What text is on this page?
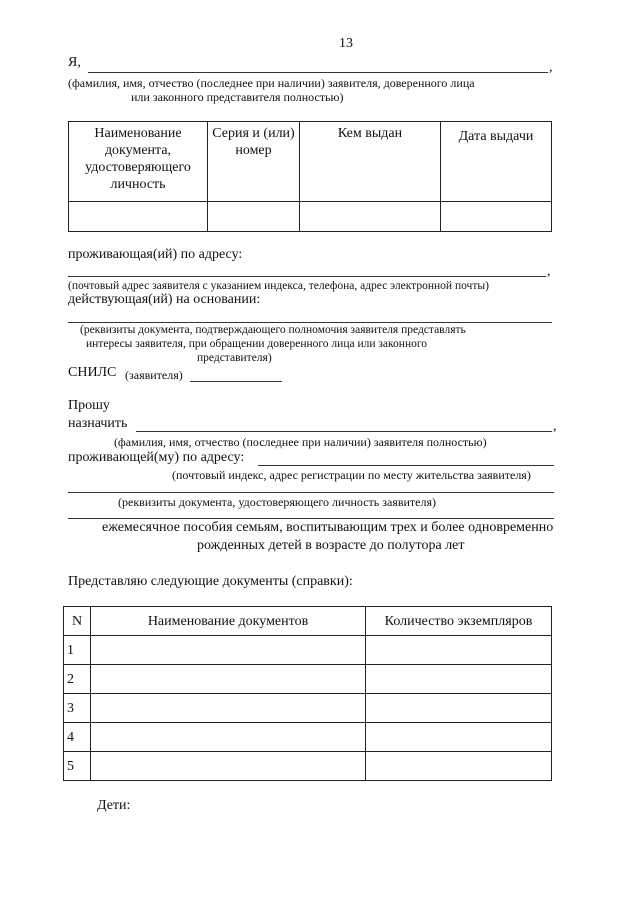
13
Я,	,
(фамилия, имя, отчество (последнее при наличии) заявителя, доверенного лица
или законного представителя полностью)
Наименование документа, удостоверяющего личность	Серия и (или) номер	Кем выдан	Дата выдачи

проживающая(ий) по адресу:
,
(почтовый адрес заявителя с указанием индекса, телефона, адрес электронной почты)
действующая(ий) на основании:
(реквизиты документа, подтверждающего полномочия заявителя представлять
интересы заявителя, при обращении доверенного лица или законного
представителя)
СНИЛС (заявителя)
Прошу
назначить	,
(фамилия, имя, отчество (последнее при наличии) заявителя полностью)
проживающей(му) по адресу:
(почтовый индекс, адрес регистрации по месту жительства заявителя)
(реквизиты документа, удостоверяющего личность заявителя)
ежемесячное пособия семьям, воспитывающим трех и более одновременно
рожденных детей в возрасте до полутора лет
Представляю следующие документы (справки):
N	Наименование документов	Количество экземпляров
1		
2		
3		
4		
5		
Дети:
